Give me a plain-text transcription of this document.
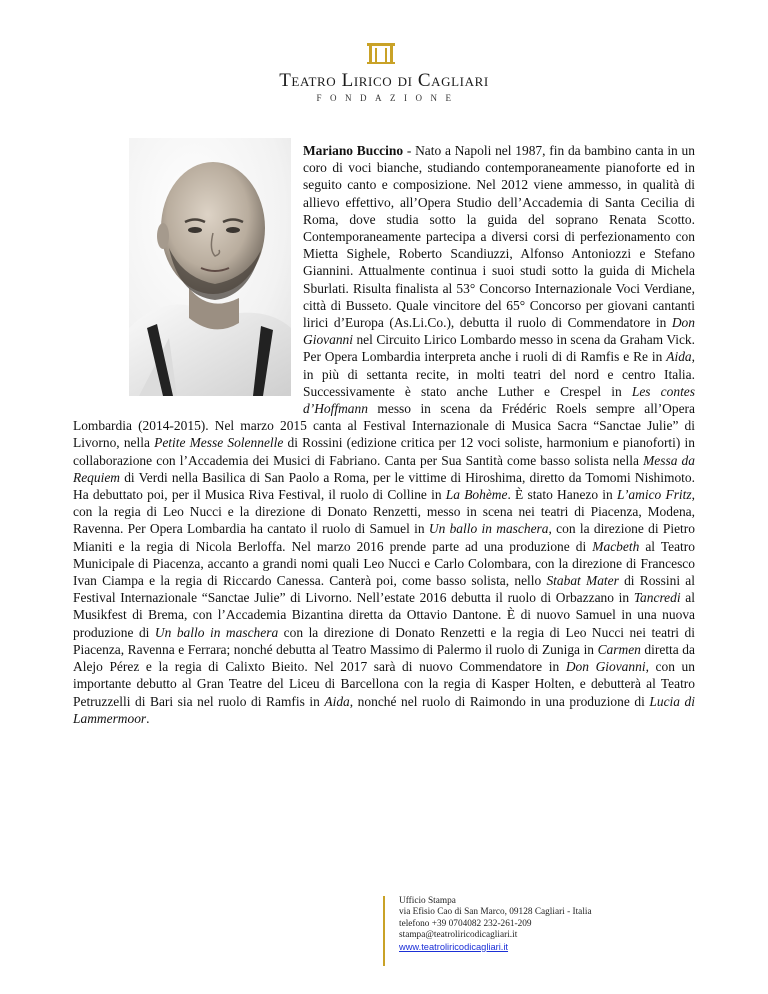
Teatro Lirico di Cagliari
FONDAZIONE
Mariano Buccino - Nato a Napoli nel 1987, fin da bambino canta in un coro di voci bianche, studiando contemporaneamente pianoforte ed in seguito canto e composizione. Nel 2012 viene ammesso, in qualità di allievo effettivo, all’Opera Studio dell’Accademia di Santa Cecilia di Roma, dove studia sotto la guida del soprano Renata Scotto. Contemporaneamente partecipa a diversi corsi di perfezionamento con Mietta Sighele, Roberto Scandiuzzi, Alfonso Antoniozzi e Stefano Giannini. Attualmente continua i suoi studi sotto la guida di Michela Sburlati. Risulta finalista al 53° Concorso Internazionale Voci Verdiane, città di Busseto. Quale vincitore del 65° Concorso per giovani cantanti lirici d’Europa (As.Li.Co.), debutta il ruolo di Commendatore in Don Giovanni nel Circuito Lirico Lombardo messo in scena da Graham Vick. Per Opera Lombardia interpreta anche i ruoli di di Ramfis e Re in Aida, in più di settanta recite, in molti teatri del nord e centro Italia. Successivamente è stato anche Luther e Crespel in Les contes d’Hoffmann messo in scena da Frédéric Roels sempre all’Opera Lombardia (2014-2015). Nel marzo 2015 canta al Festival Internazionale di Musica Sacra “Sanctae Julie” di Livorno, nella Petite Messe Solennelle di Rossini (edizione critica per 12 voci soliste, harmonium e pianoforti) in collaborazione con l’Accademia dei Musici di Fabriano. Canta per Sua Santità come basso solista nella Messa da Requiem di Verdi nella Basilica di San Paolo a Roma, per le vittime di Hiroshima, diretto da Tomomi Nishimoto. Ha debuttato poi, per il Musica Riva Festival, il ruolo di Colline in La Bohème. È stato Hanezo in L’amico Fritz, con la regia di Leo Nucci e la direzione di Donato Renzetti, messo in scena nei teatri di Piacenza, Modena, Ravenna. Per Opera Lombardia ha cantato il ruolo di Samuel in Un ballo in maschera, con la direzione di Pietro Mianiti e la regia di Nicola Berloffa. Nel marzo 2016 prende parte ad una produzione di Macbeth al Teatro Municipale di Piacenza, accanto a grandi nomi quali Leo Nucci e Carlo Colombara, con la direzione di Francesco Ivan Ciampa e la regia di Riccardo Canessa. Canterà poi, come basso solista, nello Stabat Mater di Rossini al Festival Internazionale “Sanctae Julie” di Livorno. Nell’estate 2016 debutta il ruolo di Orbazzano in Tancredi al Musikfest di Brema, con l’Accademia Bizantina diretta da Ottavio Dantone. È di nuovo Samuel in una nuova produzione di Un ballo in maschera con la direzione di Donato Renzetti e la regia di Leo Nucci nei teatri di Piacenza, Ravenna e Ferrara; nonché debutta al Teatro Massimo di Palermo il ruolo di Zuniga in Carmen diretta da Alejo Pérez e la regia di Calixto Bieito. Nel 2017 sarà di nuovo Commendatore in Don Giovanni, con un importante debutto al Gran Teatre del Liceu di Barcellona con la regia di Kasper Holten, e debutterà al Teatro Petruzzelli di Bari sia nel ruolo di Ramfis in Aida, nonché nel ruolo di Raimondo in una produzione di Lucia di Lammermoor.
Ufficio Stampa
via Efisio Cao di San Marco, 09128 Cagliari - Italia
telefono +39 0704082 232-261-209
stampa@teatroliricodicagliari.it
www.teatroliricodicagliari.it
